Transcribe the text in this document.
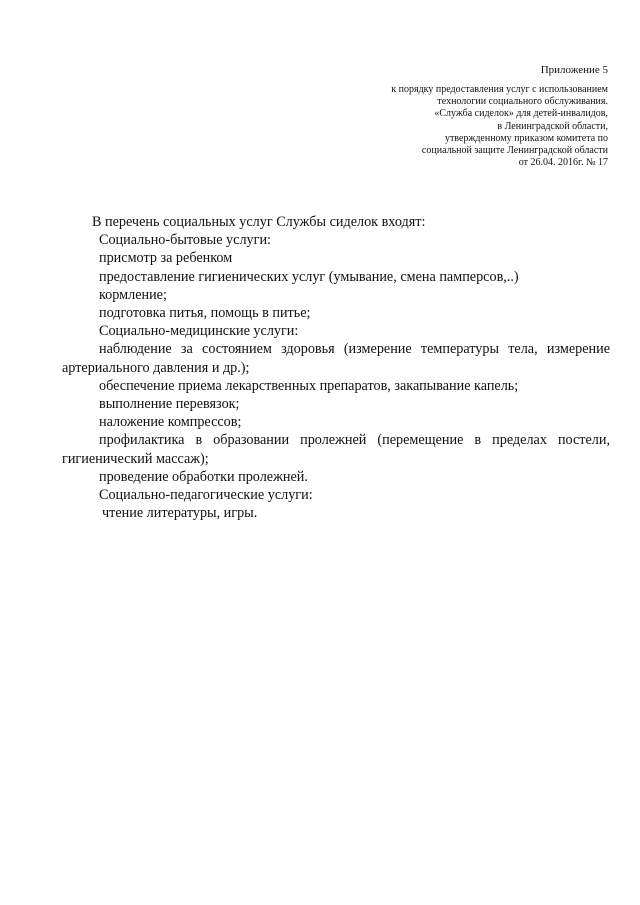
Приложение 5
к порядку предоставления услуг с использованием
технологии социального обслуживания.
«Служба сиделок» для детей-инвалидов,
в Ленинградской области,
утвержденному приказом комитета по
социальной защите Ленинградской области
от 26.04. 2016г. № 17
В перечень социальных услуг Службы сиделок входят:
Социально-бытовые услуги:
присмотр за ребенком
предоставление гигиенических услуг (умывание, смена памперсов,..)
кормление;
подготовка питья, помощь в питье;
Социально-медицинские услуги:
наблюдение за состоянием здоровья (измерение температуры тела, измерение артериального давления и др.);
обеспечение приема лекарственных препаратов, закапывание капель;
выполнение перевязок;
наложение компрессов;
профилактика в образовании пролежней (перемещение в пределах постели, гигиенический массаж);
проведение обработки пролежней.
Социально-педагогические услуги:
чтение литературы, игры.
